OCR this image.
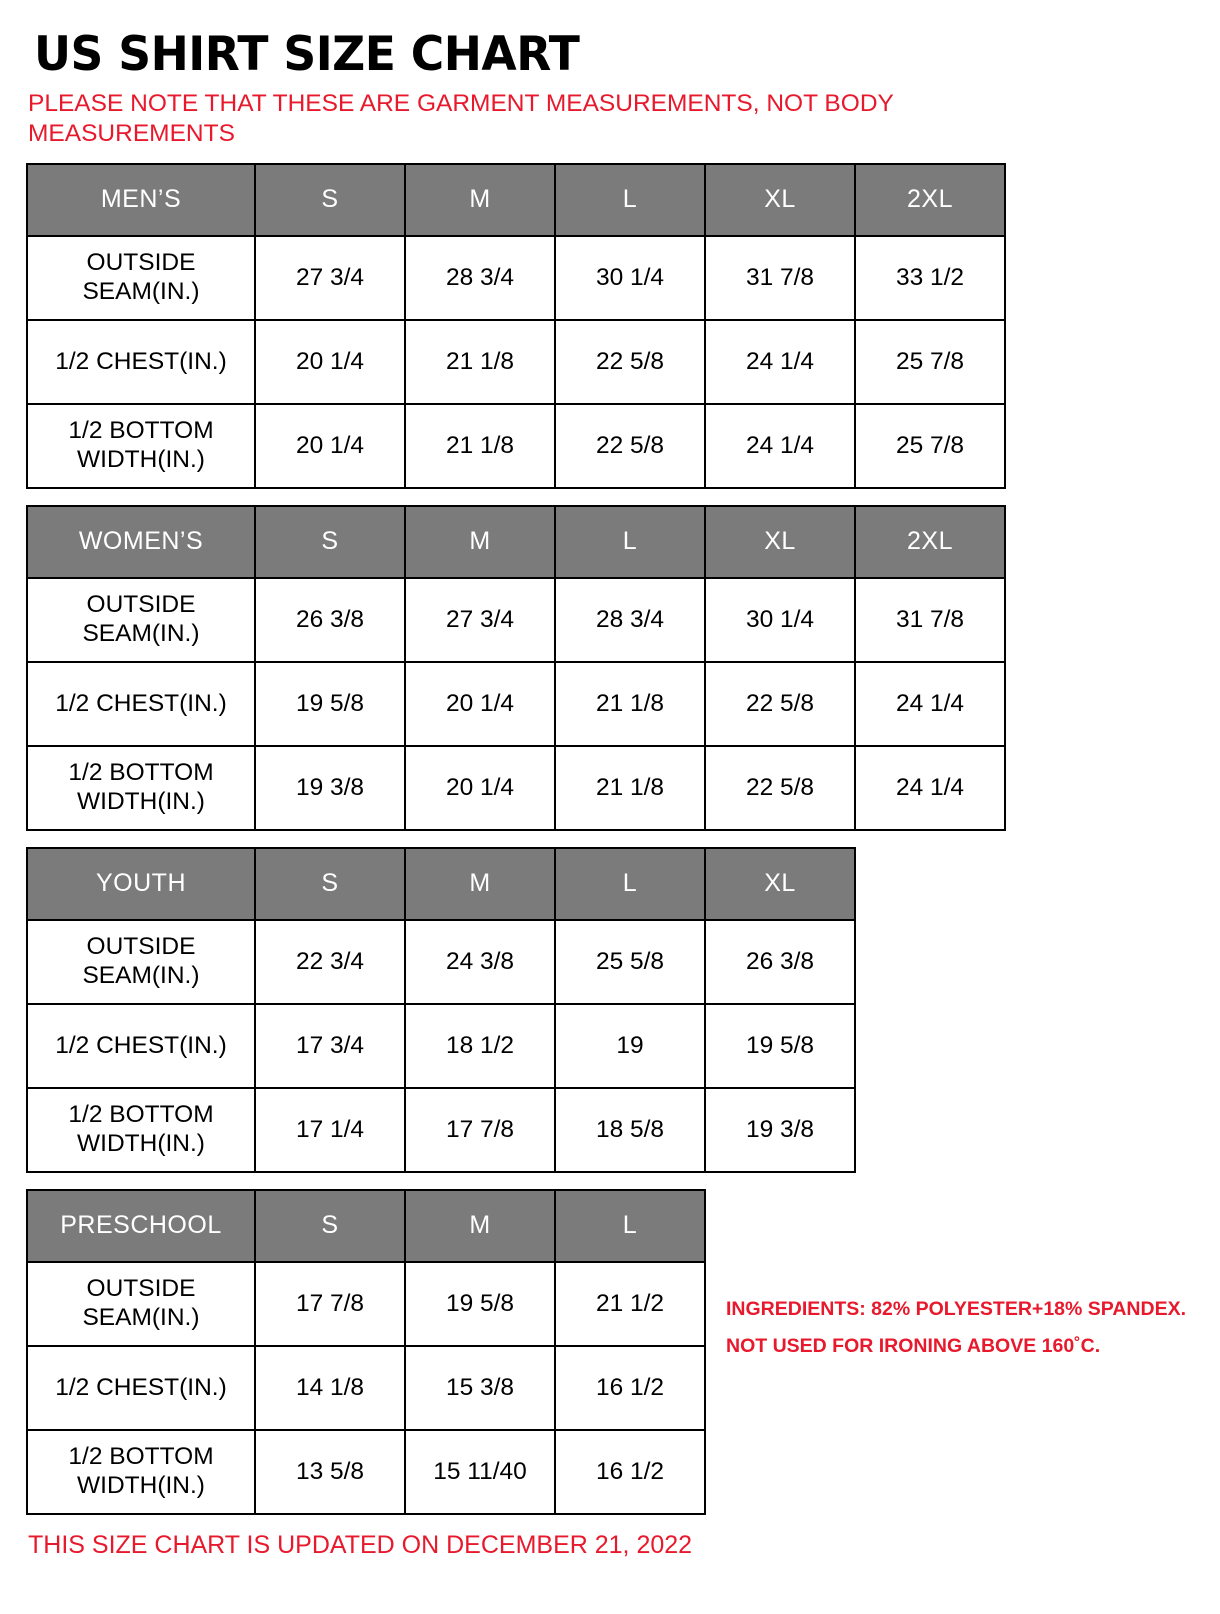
US SHIRT SIZE CHART
PLEASE NOTE THAT THESE ARE GARMENT MEASUREMENTS, NOT BODY MEASUREMENTS
MEN’S	S	M	L	XL	2XL
OUTSIDE SEAM(IN.)	27 3/4	28 3/4	30 1/4	31 7/8	33 1/2
1/2 CHEST(IN.)	20 1/4	21 1/8	22 5/8	24 1/4	25 7/8
1/2 BOTTOM WIDTH(IN.)	20 1/4	21 1/8	22 5/8	24 1/4	25 7/8
WOMEN’S	S	M	L	XL	2XL
OUTSIDE SEAM(IN.)	26 3/8	27 3/4	28 3/4	30 1/4	31 7/8
1/2 CHEST(IN.)	19 5/8	20 1/4	21 1/8	22 5/8	24 1/4
1/2 BOTTOM WIDTH(IN.)	19 3/8	20 1/4	21 1/8	22 5/8	24 1/4
YOUTH	S	M	L	XL
OUTSIDE SEAM(IN.)	22 3/4	24 3/8	25 5/8	26 3/8
1/2 CHEST(IN.)	17 3/4	18 1/2	19	19 5/8
1/2 BOTTOM WIDTH(IN.)	17 1/4	17 7/8	18 5/8	19 3/8
PRESCHOOL	S	M	L
OUTSIDE SEAM(IN.)	17 7/8	19 5/8	21 1/2
1/2 CHEST(IN.)	14 1/8	15 3/8	16 1/2
1/2 BOTTOM WIDTH(IN.)	13 5/8	15 11/40	16 1/2
INGREDIENTS: 82% POLYESTER+18% SPANDEX.
NOT USED FOR IRONING ABOVE 160˚C.
THIS SIZE CHART IS UPDATED ON DECEMBER 21, 2022
